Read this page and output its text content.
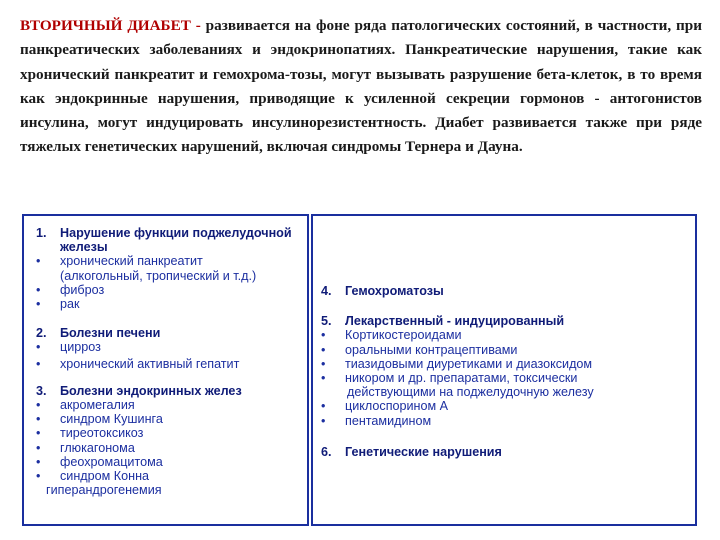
ВТОРИЧНЫЙ ДИАБЕТ - развивается на фоне ряда патологических состояний, в частности, при панкреатических заболеваниях и эндокринопатиях. Панкреатические нарушения, такие как хронический панкреатит и гемохрома-тозы, могут вызывать разрушение бета-клеток, в то время как эндокринные нарушения, приводящие к усиленной секреции гормонов - антогонистов инсулина, могут индуцировать инсулинорезистентность. Диабет развивается также при ряде тяжелых генетических нарушений, включая синдромы Тернера и Дауна.

1.	Нарушение функции поджелудочной железы
•	хронический панкреатит
(алкогольный, тропический и т.д.)
•	фиброз
•	рак
2.	Болезни печени
•	цирроз
•	хронический активный гепатит
3.	Болезни эндокринных желез
•	акромегалия
•	синдром Кушинга
•	тиреотоксикоз
•	глюкагонома
•	феохромацитома
•	синдром Конна
гиперандрогенемия
4.	Гемохроматозы
5.	Лекарственный - индуцированный
•	Кортикостероидами
•	оральными контрацептивами
•	тиазидовыми диуретиками и диазоксидом
•	никором и др. препаратами, токсически
действующими на поджелудочную железу
•	циклоспорином А
•	пентамидином
6.	Генетические нарушения
